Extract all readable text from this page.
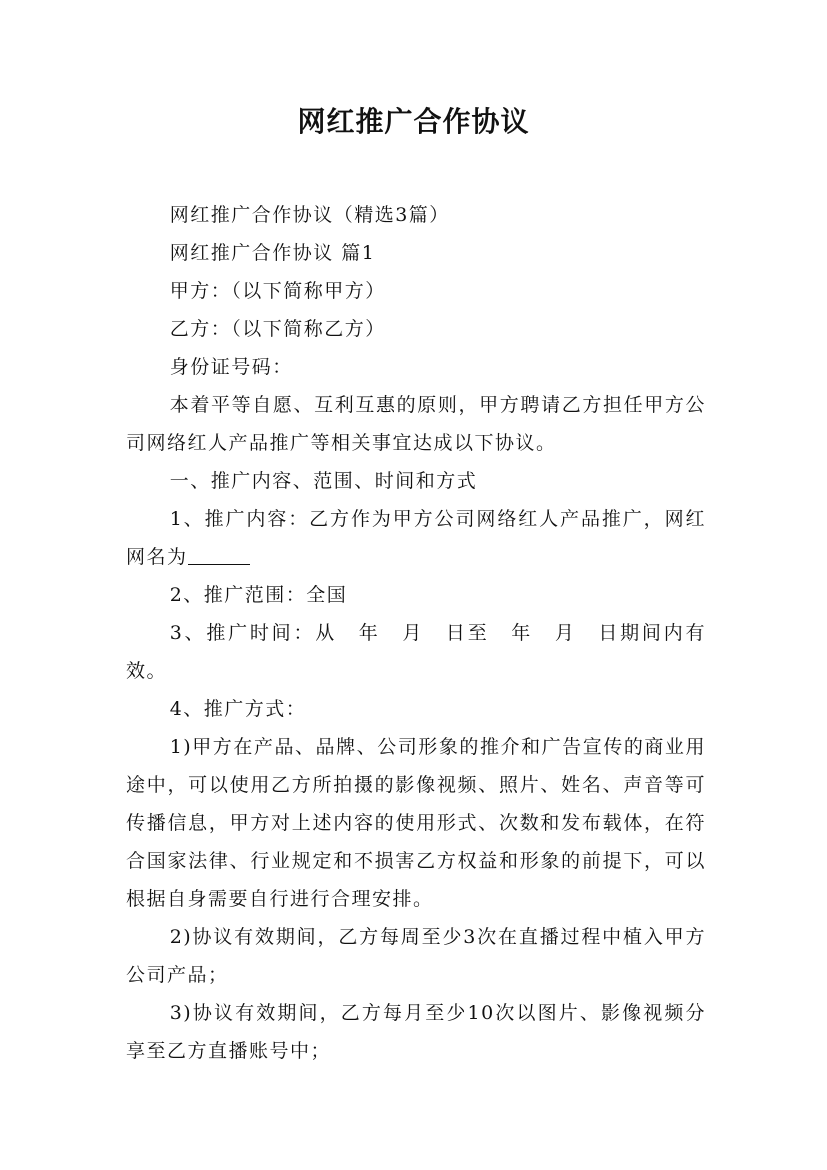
网红推广合作协议

网红推广合作协议（精选3篇）

网红推广合作协议 篇1

甲方：（以下简称甲方）

乙方：（以下简称乙方）

身份证号码：

本着平等自愿、互利互惠的原则，甲方聘请乙方担任甲方公司网络红人产品推广等相关事宜达成以下协议。

一、推广内容、范围、时间和方式

1、推广内容：乙方作为甲方公司网络红人产品推广，网红网名为

2、推广范围：全国

3、推广时间：从　年　月　日至　年　月　日期间内有效。

4、推广方式：

1)甲方在产品、品牌、公司形象的推介和广告宣传的商业用途中，可以使用乙方所拍摄的影像视频、照片、姓名、声音等可传播信息，甲方对上述内容的使用形式、次数和发布载体，在符合国家法律、行业规定和不损害乙方权益和形象的前提下，可以根据自身需要自行进行合理安排。

2)协议有效期间，乙方每周至少3次在直播过程中植入甲方公司产品；

3)协议有效期间，乙方每月至少10次以图片、影像视频分享至乙方直播账号中；
